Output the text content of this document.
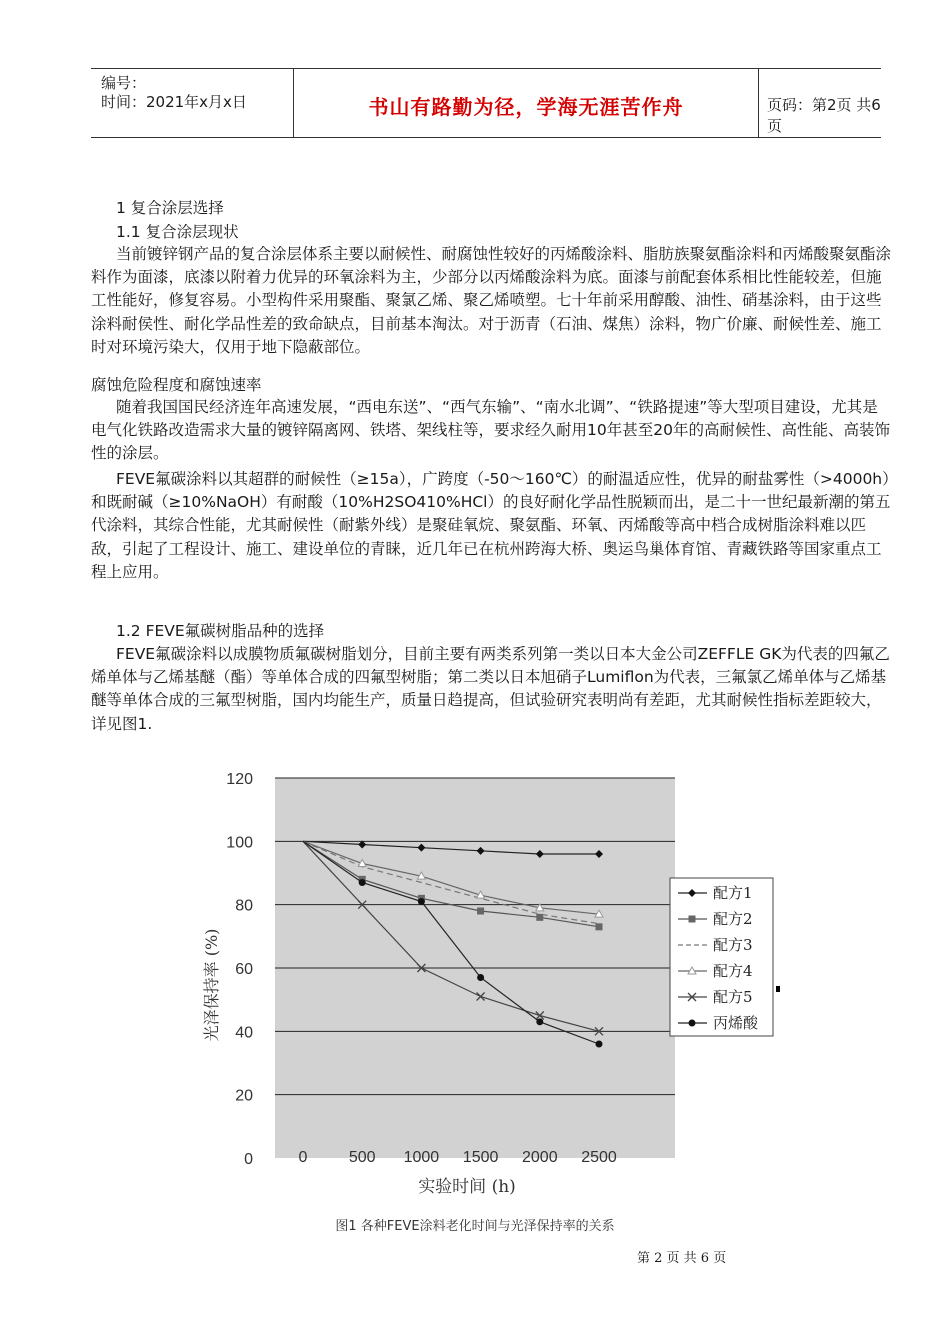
编号：
时间：2021年x月x日	书山有路勤为径，学海无涯苦作舟	页码：第2页 共6页

1 复合涂层选择

1.1 复合涂层现状

当前镀锌钢产品的复合涂层体系主要以耐候性、耐腐蚀性较好的丙烯酸涂料、脂肪族聚氨酯涂料和丙烯酸聚氨酯涂料作为面漆，底漆以附着力优异的环氧涂料为主，少部分以丙烯酸涂料为底。面漆与前配套体系相比性能较差，但施工性能好，修复容易。小型构件采用聚酯、聚氯乙烯、聚乙烯喷塑。七十年前采用醇酸、油性、硝基涂料，由于这些涂料耐侯性、耐化学品性差的致命缺点，目前基本淘汰。对于沥青（石油、煤焦）涂料，物广价廉、耐候性差、施工时对环境污染大，仅用于地下隐蔽部位。

腐蚀危险程度和腐蚀速率

随着我国国民经济连年高速发展，“西电东送”、“西气东输”、“南水北调”、“铁路提速”等大型项目建设，尤其是电气化铁路改造需求大量的镀锌隔离网、铁塔、架线柱等，要求经久耐用10年甚至20年的高耐候性、高性能、高装饰性的涂层。

FEVE氟碳涂料以其超群的耐候性（≥15a），广跨度（-50～160℃）的耐温适应性，优异的耐盐雾性（>4000h）和既耐碱（≥10%NaOH）有耐酸（10%H2SO410%HCl）的良好耐化学品性脱颖而出，是二十一世纪最新潮的第五代涂料，其综合性能，尤其耐候性（耐紫外线）是聚硅氧烷、聚氨酯、环氧、丙烯酸等高中档合成树脂涂料难以匹敌，引起了工程设计、施工、建设单位的青睐，近几年已在杭州跨海大桥、奥运鸟巢体育馆、青藏铁路等国家重点工程上应用。

1.2 FEVE氟碳树脂品种的选择

FEVE氟碳涂料以成膜物质氟碳树脂划分，目前主要有两类系列第一类以日本大金公司ZEFFLE GK为代表的四氟乙烯单体与乙烯基醚（酯）等单体合成的四氟型树脂；第二类以日本旭硝子Lumiflon为代表，三氟氯乙烯单体与乙烯基醚等单体合成的三氟型树脂，国内均能生产，质量日趋提高，但试验研究表明尚有差距，尤其耐候性指标差距较大，详见图1.

0
20
40
60
80
100
120
0	500 1000 1500 2000 2500
光泽保持率 (%)
实验时间 (h)
配方1
配方2
配方3
配方4
配方5
丙烯酸
图1 各种FEVE涂料老化时间与光泽保持率的关系
第 2 页 共 6 页
